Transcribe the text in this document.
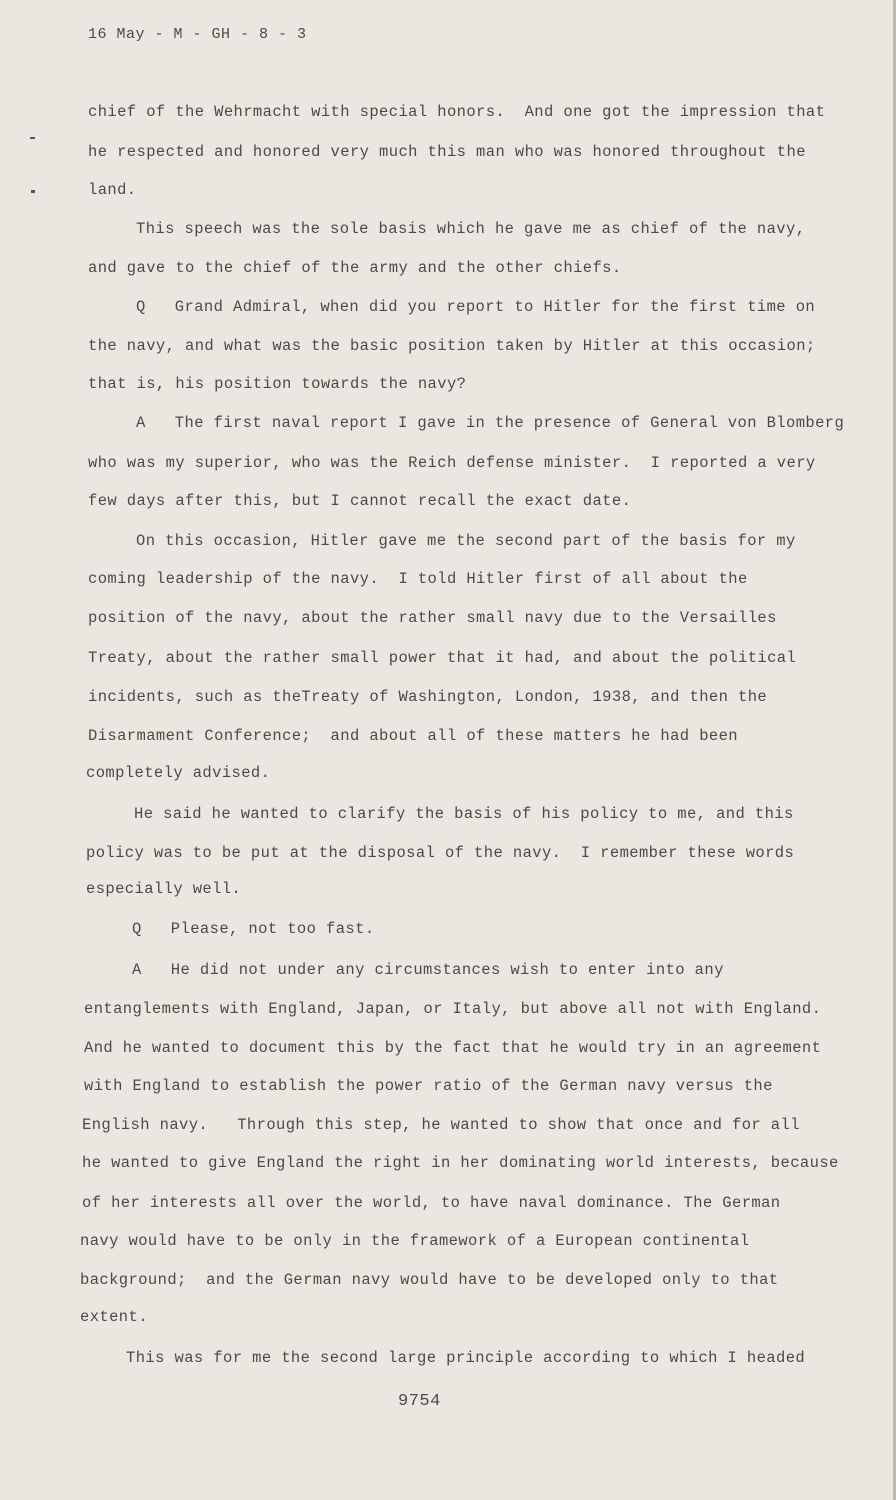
16 May - M - GH - 8 - 3
chief of the Wehrmacht with special honors.  And one got the impression that
he respected and honored very much this man who was honored throughout the
land.
This speech was the sole basis which he gave me as chief of the navy,
and gave to the chief of the army and the other chiefs.
Q   Grand Admiral, when did you report to Hitler for the first time on
the navy, and what was the basic position taken by Hitler at this occasion;
that is, his position towards the navy?
A   The first naval report I gave in the presence of General von Blomberg
who was my superior, who was the Reich defense minister.  I reported a very
few days after this, but I cannot recall the exact date.
On this occasion, Hitler gave me the second part of the basis for my
coming leadership of the navy.  I told Hitler first of all about the
position of the navy, about the rather small navy due to the Versailles
Treaty, about the rather small power that it had, and about the political
incidents, such as theTreaty of Washington, London, 1938, and then the
Disarmament Conference;  and about all of these matters he had been
completely advised.
He said he wanted to clarify the basis of his policy to me, and this
policy was to be put at the disposal of the navy.  I remember these words
especially well.
Q   Please, not too fast.
A   He did not under any circumstances wish to enter into any
entanglements with England, Japan, or Italy, but above all not with England.
And he wanted to document this by the fact that he would try in an agreement
with England to establish the power ratio of the German navy versus the
English navy.   Through this step, he wanted to show that once and for all
he wanted to give England the right in her dominating world interests, because
of her interests all over the world, to have naval dominance. The German
navy would have to be only in the framework of a European continental
background;  and the German navy would have to be developed only to that
extent.
This was for me the second large principle according to which I headed
9754
